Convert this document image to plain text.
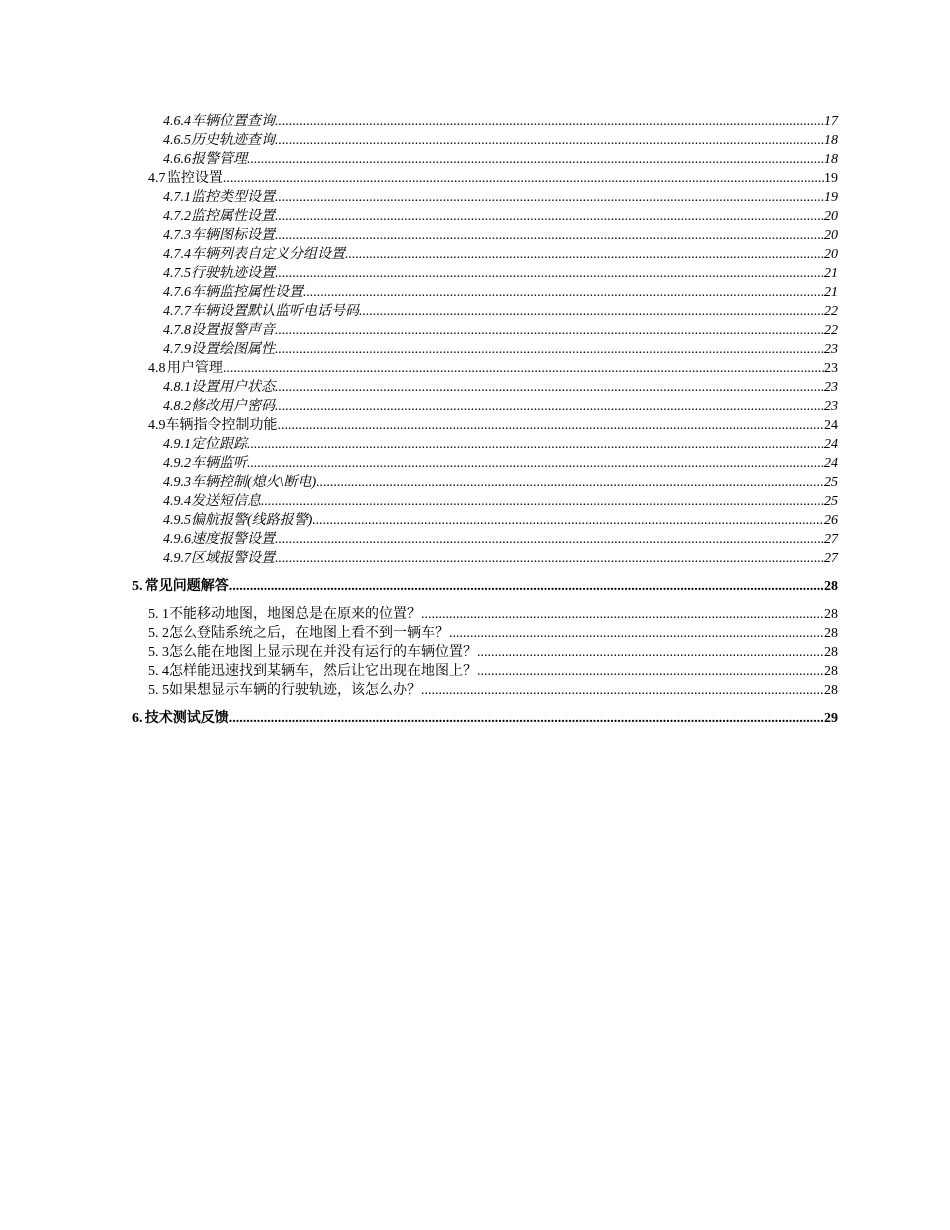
4.6.4 车辆位置查询 .....	17
4.6.5 历史轨迹查询 .....	18
4.6.6 报警管理 .....	18
4.7 监控设置 .....	19
4.7.1 监控类型设置 .....	19
4.7.2 监控属性设置 .....	20
4.7.3 车辆图标设置 .....	20
4.7.4 车辆列表自定义分组设置 .....	20
4.7.5 行驶轨迹设置 .....	21
4.7.6 车辆监控属性设置 .....	21
4.7.7 车辆设置默认监听电话号码 .....	22
4.7.8 设置报警声音 .....	22
4.7.9 设置绘图属性 .....	23
4.8 用户管理 .....	23
4.8.1 设置用户状态 .....	23
4.8.2 修改用户密码 .....	23
4.9 车辆指令控制功能 .....	24
4.9.1 定位跟踪 .....	24
4.9.2 车辆监听 .....	24
4.9.3 车辆控制(熄火\断电) .....	25
4.9.4 发送短信息 .....	25
4.9.5 偏航报警(线路报警) .....	26
4.9.6 速度报警设置 .....	27
4.9.7 区域报警设置 .....	27
5. 常见问题解答 .....	28
5. 1 不能移动地图，地图总是在原来的位置？ .....	28
5. 2 怎么登陆系统之后，在地图上看不到一辆车？ .....	28
5. 3 怎么能在地图上显示现在并没有运行的车辆位置？ .....	28
5. 4 怎样能迅速找到某辆车，然后让它出现在地图上？ .....	28
5. 5 如果想显示车辆的行驶轨迹，该怎么办？ .....	28
6. 技术测试反馈 .....	29
